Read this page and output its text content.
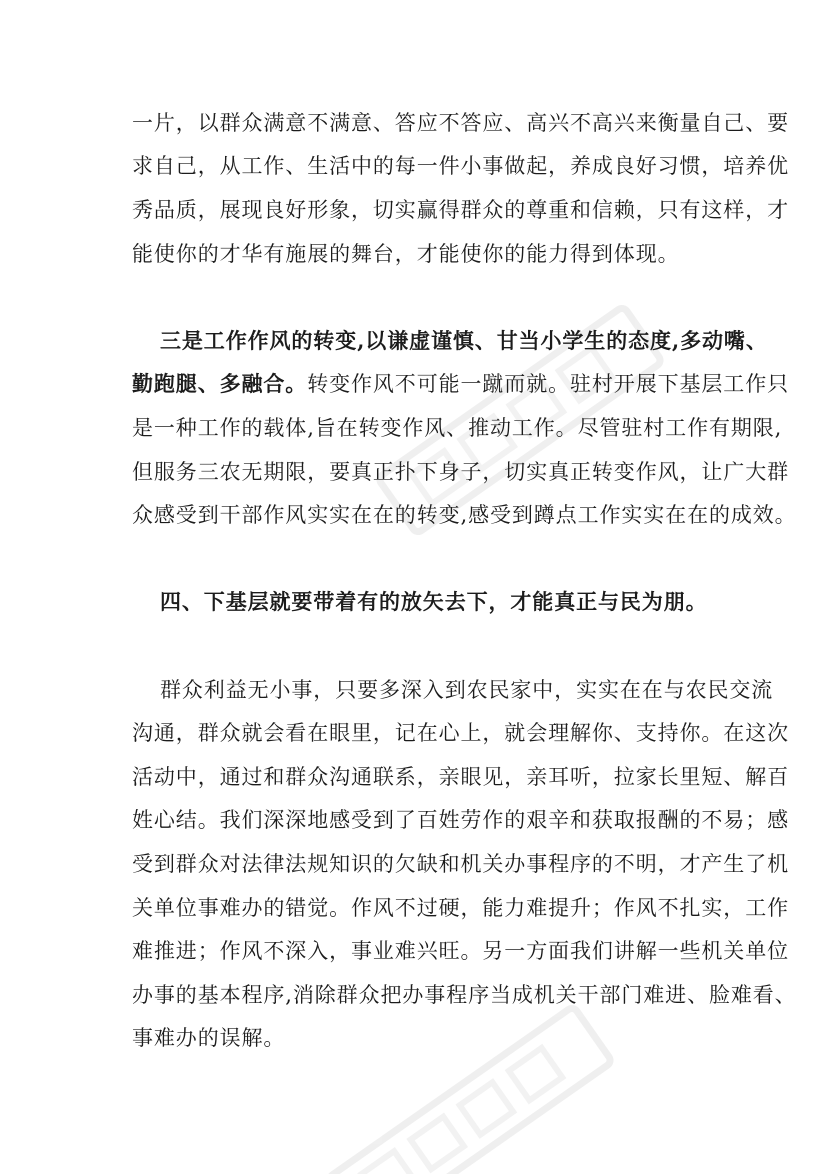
一片，以群众满意不满意、答应不答应、高兴不高兴来衡量自己、要
求自己，从工作、生活中的每一件小事做起，养成良好习惯，培养优
秀品质，展现良好形象，切实赢得群众的尊重和信赖，只有这样，才
能使你的才华有施展的舞台，才能使你的能力得到体现。
三是工作作风的转变,以谦虚谨慎、甘当小学生的态度,多动嘴、
勤跑腿、多融合。转变作风不可能一蹴而就。驻村开展下基层工作只
是一种工作的载体,旨在转变作风、推动工作。尽管驻村工作有期限,
但服务三农无期限，要真正扑下身子，切实真正转变作风，让广大群
众感受到干部作风实实在在的转变,感受到蹲点工作实实在在的成效。
四、下基层就要带着有的放矢去下，才能真正与民为朋。
群众利益无小事，只要多深入到农民家中，实实在在与农民交流
沟通，群众就会看在眼里，记在心上，就会理解你、支持你。在这次
活动中，通过和群众沟通联系，亲眼见，亲耳听，拉家长里短、解百
姓心结。我们深深地感受到了百姓劳作的艰辛和获取报酬的不易；感
受到群众对法律法规知识的欠缺和机关办事程序的不明，才产生了机
关单位事难办的错觉。作风不过硬，能力难提升；作风不扎实，工作
难推进；作风不深入，事业难兴旺。另一方面我们讲解一些机关单位
办事的基本程序,消除群众把办事程序当成机关干部门难进、脸难看、
事难办的误解。
